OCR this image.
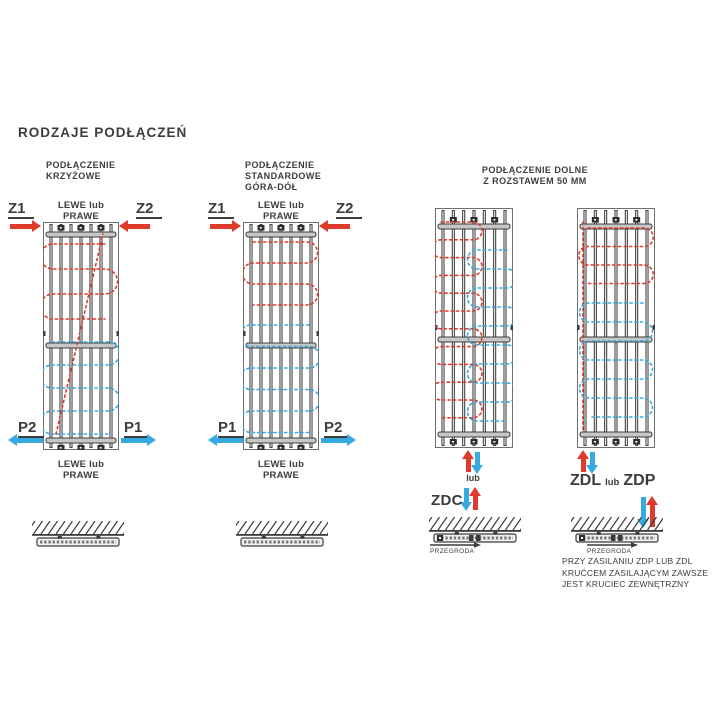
RODZAJE PODŁĄCZEŃ
PODŁĄCZENIE
KRZYŻOWE
PODŁĄCZENIE
STANDARDOWE
GÓRA-DÓŁ
PODŁĄCZENIE DOLNE
Z ROZSTAWEM 50 MM
LEWE lub PRAWE
Z1	Z2
P2	P1
LEWE lub PRAWE
LEWE lub PRAWE
Z1	Z2
P1	P2
LEWE lub PRAWE	lub
ZDC
PRZEGRODA
ZDL lub ZDP
PRZEGRODA
PRZY ZASILANIU ZDP LUB ZDL
KRUĆCEM ZASILAJĄCYM ZAWSZE
JEST KRUCIEC ZEWNĘTRZNY
